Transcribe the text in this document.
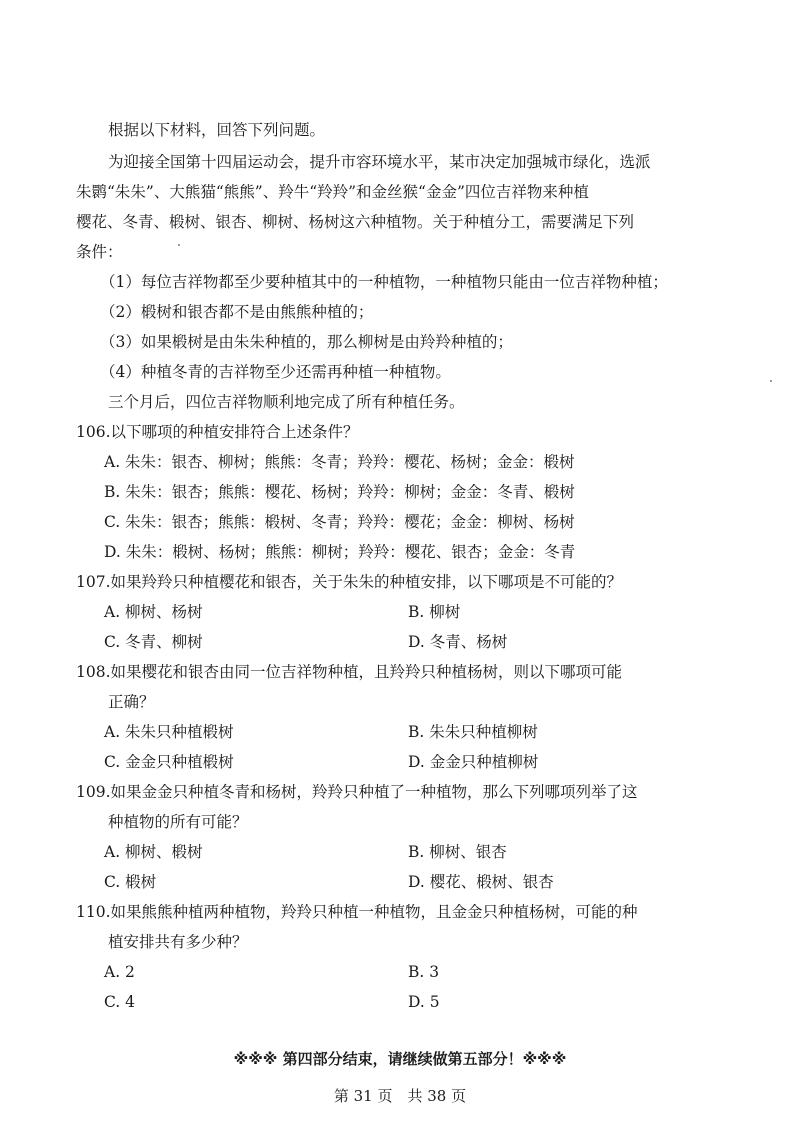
根据以下材料，回答下列问题。
为迎接全国第十四届运动会，提升市容环境水平，某市决定加强城市绿化，选派
朱鹮“朱朱”、大熊猫“熊熊”、羚牛“羚羚”和金丝猴“金金”四位吉祥物来种植
樱花、冬青、椴树、银杏、柳树、杨树这六种植物。关于种植分工，需要满足下列
条件：
（1）每位吉祥物都至少要种植其中的一种植物，一种植物只能由一位吉祥物种植；
（2）椴树和银杏都不是由熊熊种植的；
（3）如果椴树是由朱朱种植的，那么柳树是由羚羚种植的；
（4）种植冬青的吉祥物至少还需再种植一种植物。
三个月后，四位吉祥物顺利地完成了所有种植任务。
106.以下哪项的种植安排符合上述条件？
A. 朱朱：银杏、柳树；熊熊：冬青；羚羚：樱花、杨树；金金：椴树
B. 朱朱：银杏；熊熊：樱花、杨树；羚羚：柳树；金金：冬青、椴树
C. 朱朱：银杏；熊熊：椴树、冬青；羚羚：樱花；金金：柳树、杨树
D. 朱朱：椴树、杨树；熊熊：柳树；羚羚：樱花、银杏；金金：冬青
107.如果羚羚只种植樱花和银杏，关于朱朱的种植安排，以下哪项是不可能的？
A. 柳树、杨树	B. 柳树
C. 冬青、柳树	D. 冬青、杨树
108.如果樱花和银杏由同一位吉祥物种植，且羚羚只种植杨树，则以下哪项可能
正确？
A. 朱朱只种植椴树	B. 朱朱只种植柳树
C. 金金只种植椴树	D. 金金只种植柳树
109.如果金金只种植冬青和杨树，羚羚只种植了一种植物，那么下列哪项列举了这
种植物的所有可能？
A. 柳树、椴树	B. 柳树、银杏
C. 椴树	D. 樱花、椴树、银杏
110.如果熊熊种植两种植物，羚羚只种植一种植物，且金金只种植杨树，可能的种
植安排共有多少种？
A. 2	B. 3
C. 4	D. 5
※※※ 第四部分结束，请继续做第五部分！※※※
第 31 页　共 38 页
